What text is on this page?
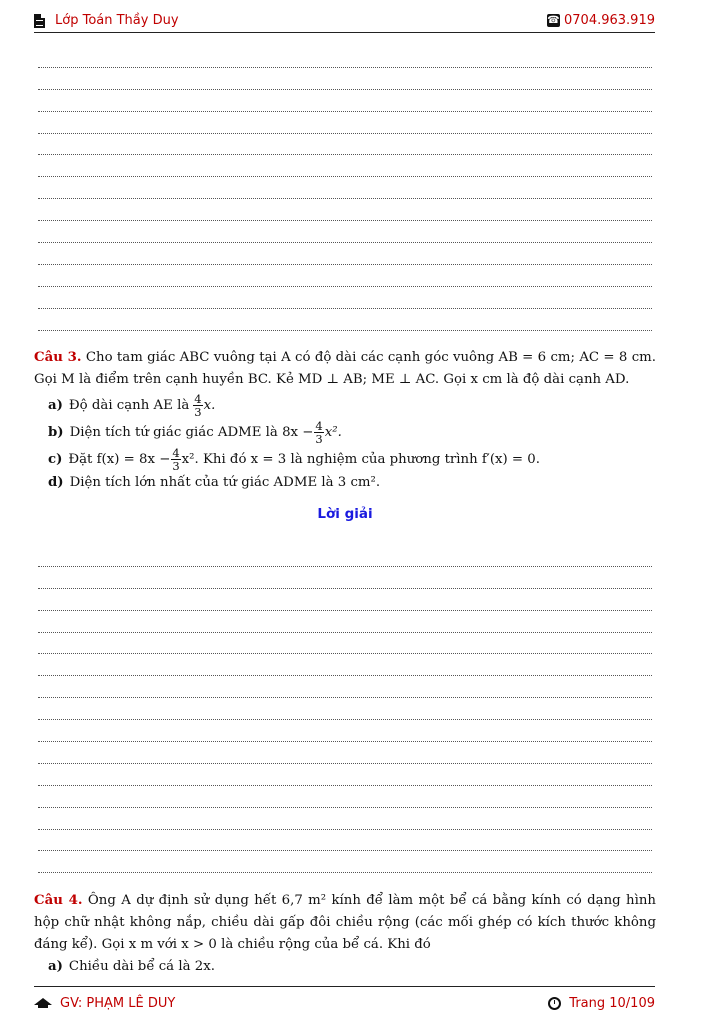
Lớp Toán Thầy Duy	☎ 0704.963.919

Câu 3. Cho tam giác ABC vuông tại A có độ dài các cạnh góc vuông AB = 6 cm; AC = 8 cm. Gọi M là điểm trên cạnh huyền BC. Kẻ MD ⊥ AB; ME ⊥ AC. Gọi x cm là độ dài cạnh AD.

a) Độ dài cạnh AE là $\frac{4}{3} x$.
b) Diện tích tứ giác giác ADME là $8x - \frac{4}{3} x^2$.
c) Đặt $f(x) = 8x - \frac{4}{3} x^2$. Khi đó x = 3 là nghiệm của phương trình f′(x) = 0.
d) Diện tích lớn nhất của tứ giác ADME là 3 cm².
Lời giải

Câu 4. Ông A dự định sử dụng hết 6,7 m² kính để làm một bể cá bằng kính có dạng hình hộp chữ nhật không nắp, chiều dài gấp đôi chiều rộng (các mối ghép có kích thước không đáng kể). Gọi x m với x > 0 là chiều rộng của bể cá. Khi đó

a) Chiều dài bể cá là 2x.
GV: PHẠM LÊ DUY	Trang 10/109
